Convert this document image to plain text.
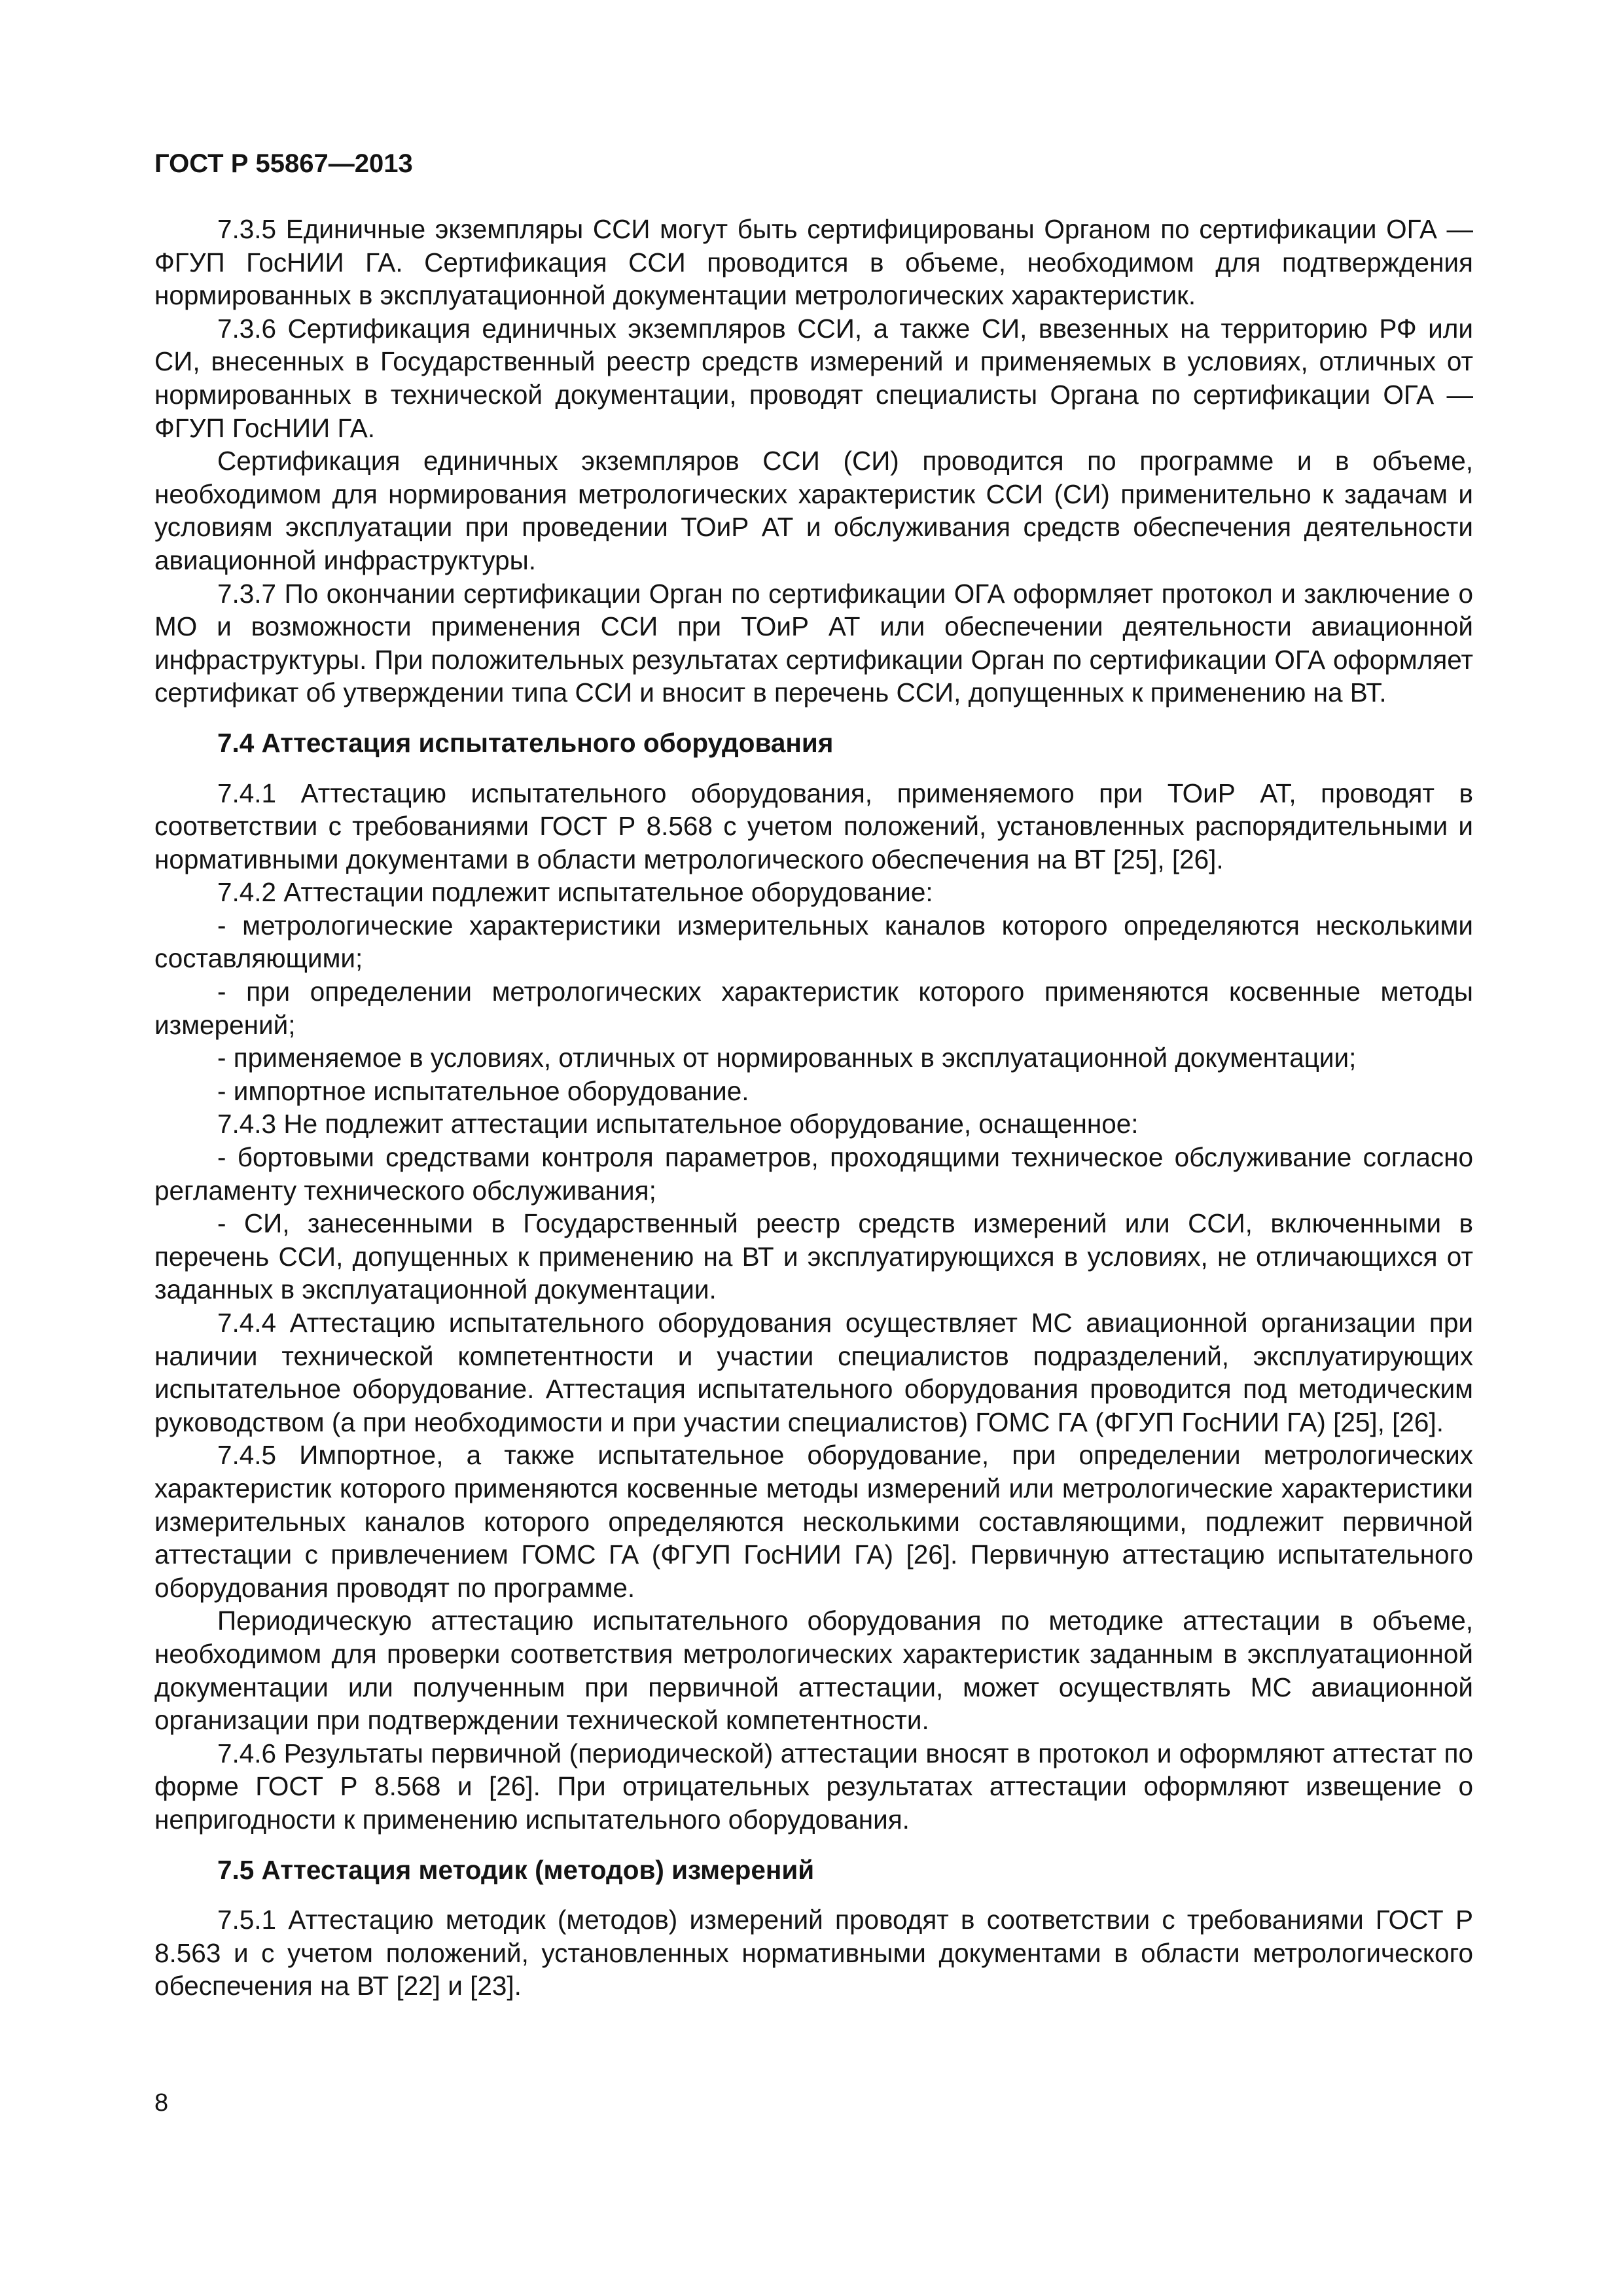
ГОСТ Р 55867—2013

7.3.5 Единичные экземпляры ССИ могут быть сертифицированы Органом по сертификации ОГА — ФГУП ГосНИИ ГА. Сертификация ССИ проводится в объеме, необходимом для подтверждения нормированных в эксплуатационной документации метрологических характеристик.

7.3.6 Сертификация единичных экземпляров ССИ, а также СИ, ввезенных на территорию РФ или СИ, внесенных в Государственный реестр средств измерений и применяемых в условиях, отличных от нормированных в технической документации, проводят специалисты Органа по сертификации ОГА — ФГУП ГосНИИ ГА.

Сертификация единичных экземпляров ССИ (СИ) проводится по программе и в объеме, необходимом для нормирования метрологических характеристик ССИ (СИ) применительно к задачам и условиям эксплуатации при проведении ТОиР АТ и обслуживания средств обеспечения деятельности авиационной инфраструктуры.

7.3.7 По окончании сертификации Орган по сертификации ОГА оформляет протокол и заключение о МО и возможности применения ССИ при ТОиР АТ или обеспечении деятельности авиационной инфраструктуры. При положительных результатах сертификации Орган по сертификации ОГА оформляет сертификат об утверждении типа ССИ и вносит в перечень ССИ, допущенных к применению на ВТ.

7.4 Аттестация испытательного оборудования

7.4.1 Аттестацию испытательного оборудования, применяемого при ТОиР АТ, проводят в соответствии с требованиями ГОСТ Р 8.568 с учетом положений, установленных распорядительными и нормативными документами в области метрологического обеспечения на ВТ [25], [26].

7.4.2 Аттестации подлежит испытательное оборудование:

- метрологические характеристики измерительных каналов которого определяются несколькими составляющими;

- при определении метрологических характеристик которого применяются косвенные методы измерений;

- применяемое в условиях, отличных от нормированных в эксплуатационной документации;

- импортное испытательное оборудование.

7.4.3 Не подлежит аттестации испытательное оборудование, оснащенное:

- бортовыми средствами контроля параметров, проходящими техническое обслуживание согласно регламенту технического обслуживания;

- СИ, занесенными в Государственный реестр средств измерений или ССИ, включенными в перечень ССИ, допущенных к применению на ВТ и эксплуатирующихся в условиях, не отличающихся от заданных в эксплуатационной документации.

7.4.4 Аттестацию испытательного оборудования осуществляет МС авиационной организации при наличии технической компетентности и участии специалистов подразделений, эксплуатирующих испытательное оборудование. Аттестация испытательного оборудования проводится под методическим руководством (а при необходимости и при участии специалистов) ГОМС ГА (ФГУП ГосНИИ ГА) [25], [26].

7.4.5 Импортное, а также испытательное оборудование, при определении метрологических характеристик которого применяются косвенные методы измерений или метрологические характеристики измерительных каналов которого определяются несколькими составляющими, подлежит первичной аттестации с привлечением ГОМС ГА (ФГУП ГосНИИ ГА) [26]. Первичную аттестацию испытательного оборудования проводят по программе.

Периодическую аттестацию испытательного оборудования по методике аттестации в объеме, необходимом для проверки соответствия метрологических характеристик заданным в эксплуатационной документации или полученным при первичной аттестации, может осуществлять МС авиационной организации при подтверждении технической компетентности.

7.4.6 Результаты первичной (периодической) аттестации вносят в протокол и оформляют аттестат по форме ГОСТ Р 8.568 и [26]. При отрицательных результатах аттестации оформляют извещение о непригодности к применению испытательного оборудования.

7.5 Аттестация методик (методов) измерений

7.5.1 Аттестацию методик (методов) измерений проводят в соответствии с требованиями ГОСТ Р 8.563 и с учетом положений, установленных нормативными документами в области метрологического обеспечения на ВТ [22] и [23].

8
